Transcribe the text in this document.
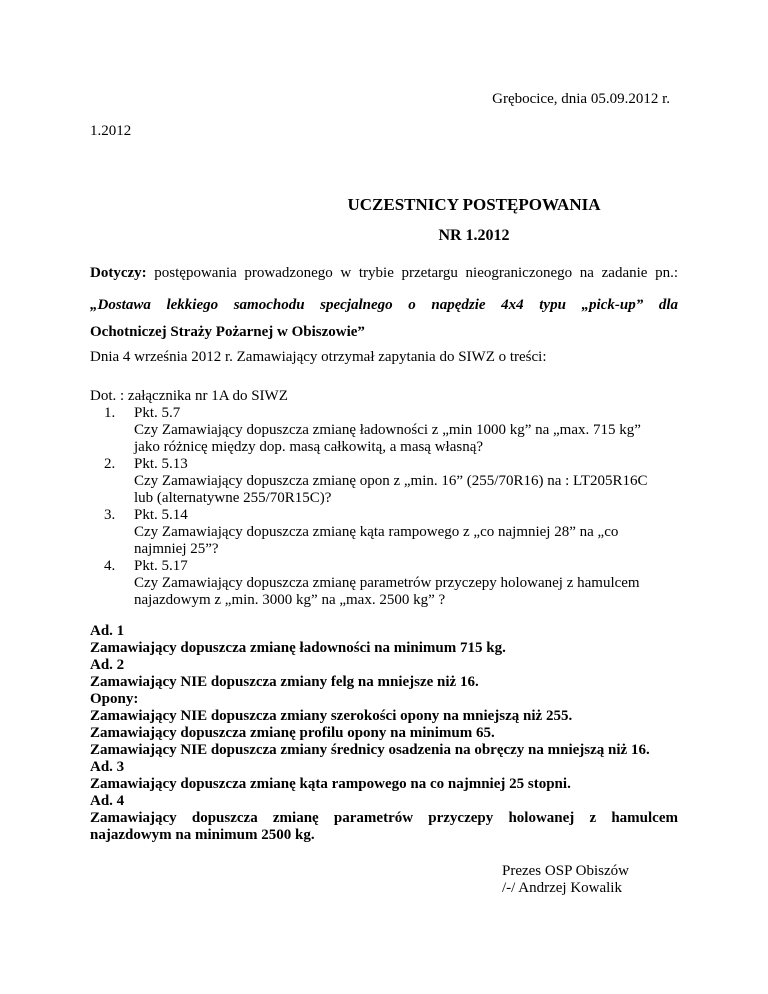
Grębocice, dnia 05.09.2012 r.
1.2012
UCZESTNICY POSTĘPOWANIA
NR 1.2012
Dotyczy: postępowania prowadzonego w trybie przetargu nieograniczonego na zadanie pn.:
„Dostawa lekkiego samochodu specjalnego o napędzie 4x4 typu „pick-up” dla
Ochotniczej Straży Pożarnej w Obiszowie”
Dnia 4 września 2012 r. Zamawiający otrzymał zapytania do SIWZ o treści:
Dot. : załącznika nr 1A do SIWZ
1. Pkt. 5.7
Czy Zamawiający dopuszcza zmianę ładowności z „min 1000 kg” na „max. 715 kg”
jako różnicę między dop. masą całkowitą, a masą własną?
2. Pkt. 5.13
Czy Zamawiający dopuszcza zmianę opon z „min. 16” (255/70R16) na : LT205R16C
lub (alternatywne 255/70R15C)?
3. Pkt. 5.14
Czy Zamawiający dopuszcza zmianę kąta rampowego z „co najmniej 28” na „co
najmniej 25”?
4. Pkt. 5.17
Czy Zamawiający dopuszcza zmianę parametrów przyczepy holowanej z hamulcem
najazdowym z „min. 3000 kg” na „max. 2500 kg” ?
Ad. 1
Zamawiający dopuszcza zmianę ładowności na minimum 715 kg.
Ad. 2
Zamawiający NIE dopuszcza zmiany felg na mniejsze niż 16.
Opony:
Zamawiający NIE dopuszcza zmiany szerokości opony na mniejszą niż 255.
Zamawiający dopuszcza zmianę profilu opony na minimum 65.
Zamawiający NIE dopuszcza zmiany średnicy osadzenia na obręczy na mniejszą niż 16.
Ad. 3
Zamawiający dopuszcza zmianę kąta rampowego na co najmniej 25 stopni.
Ad. 4
Zamawiający dopuszcza zmianę parametrów przyczepy holowanej z hamulcem
najazdowym na minimum 2500 kg.
Prezes OSP Obiszów
/-/ Andrzej Kowalik
